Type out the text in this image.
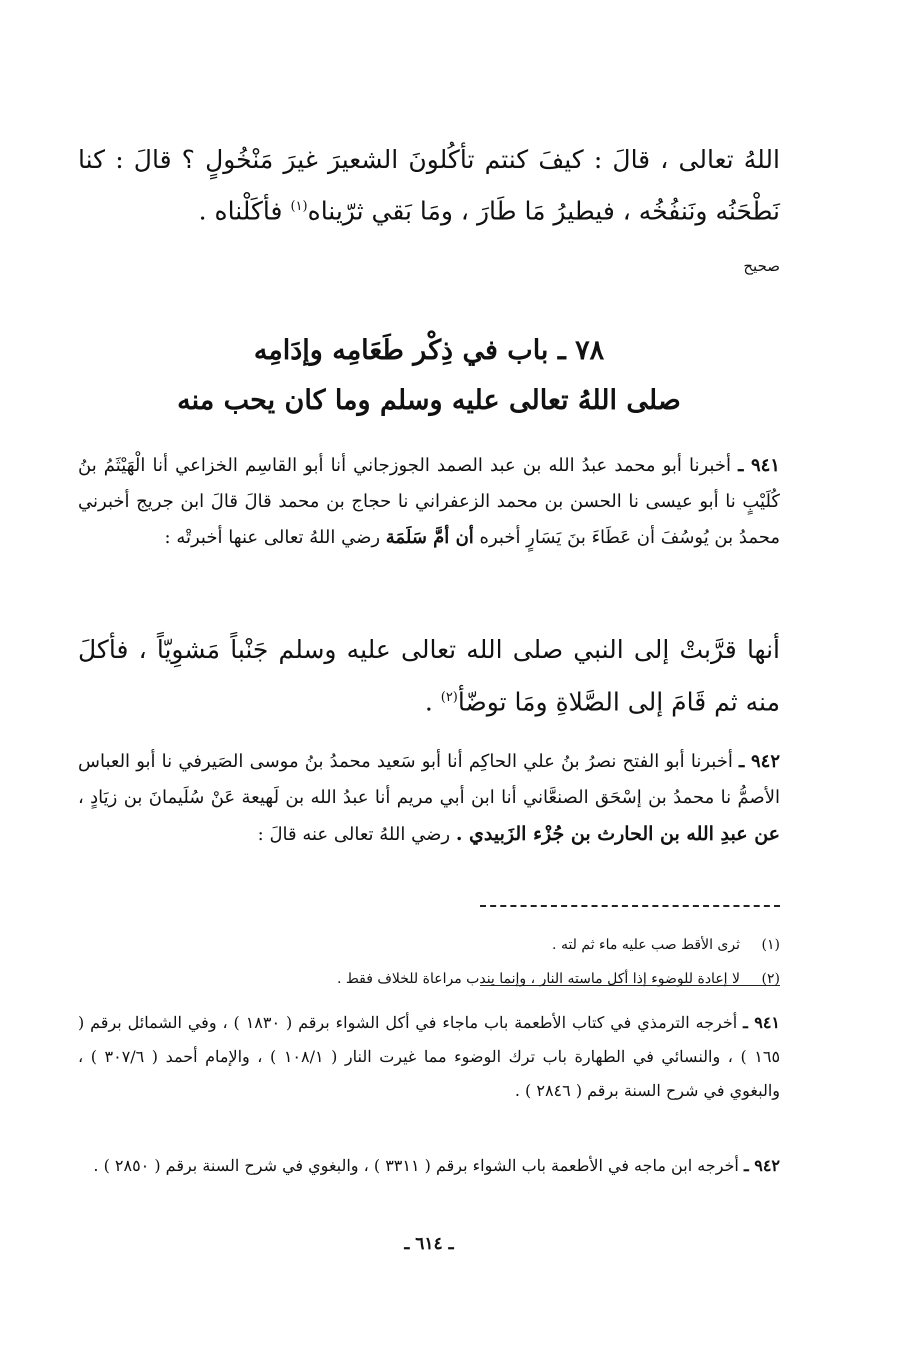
اللهُ تعالى ، قالَ : كيفَ كنتم تأكُلونَ الشعيرَ غيرَ مَنْخُولٍ ؟ قالَ : كنا نَطْحَنُه ونَنفُخُه ، فيطيرُ مَا طَارَ ، ومَا بَقي ثرّيناه$^{(١)}$ فأكَلْناه .

صحيح
٧٨ ـ باب في ذِكْر طَعَامِه وإدَامِه
صلى اللهُ تعالى عليه وسلم وما كان يحب منه

٩٤١ ـ أخبرنا أبو محمد عبدُ الله بن عبد الصمد الجوزجاني أنا أبو القاسِم الخزاعي أنا الْهَيْثَمُ بنُ كُلَيْبٍ نا أبو عيسى نا الحسن بن محمد الزعفراني نا حجاج بن محمد قالَ قالَ ابن جريج أخبرني محمدُ بن يُوسُفَ أن عَطَاءَ بنَ يَسَارٍ أخبره أن أمَّ سَلَمَة رضي اللهُ تعالى عنها أخبرتْه :

أنها قرَّبتْ إلى النبي صلى الله تعالى عليه وسلم جَنْباً مَشوِيّاً ، فأكلَ منه ثم قَامَ إلى الصَّلاةِ ومَا توضّأ$^{(٢)}$ .

٩٤٢ ـ أخبرنا أبو الفتح نصرُ بنُ علي الحاكِم أنا أبو سَعيد محمدُ بنُ موسى الصَيرفي نا أبو العباس الأصمُّ نا محمدُ بن إسْحَق الصنعَّاني أنا ابن أبي مريم أنا عبدُ الله بن لَهيعة عَنْ سُلَيمانَ بن زيَادٍ ، عن عبدِ الله بن الحارث بن جُزْء الزَبيدي . رضي اللهُ تعالى عنه قالَ :

(١)
ثرى الأقط صب عليه ماء ثم لته .
(٢)
لا إعادة للوضوء إذا أكل ماسته النار ، وإنما يندب مراعاة للخلاف فقط .

٩٤١ ـ أخرجه الترمذي في كتاب الأطعمة باب ماجاء في أكل الشواء برقم ( ١٨٣٠ ) ، وفي الشمائل برقم ( ١٦٥ ) ، والنسائي في الطهارة باب ترك الوضوء مما غيرت النار ( ١٠٨/١ ) ، والإمام أحمد ( ٣٠٧/٦ ) ، والبغوي في شرح السنة برقم ( ٢٨٤٦ ) .

٩٤٢ ـ أخرجه ابن ماجه في الأطعمة باب الشواء برقم ( ٣٣١١ ) ، والبغوي في شرح السنة برقم ( ٢٨٥٠ ) .

ـ ٦١٤ ـ
